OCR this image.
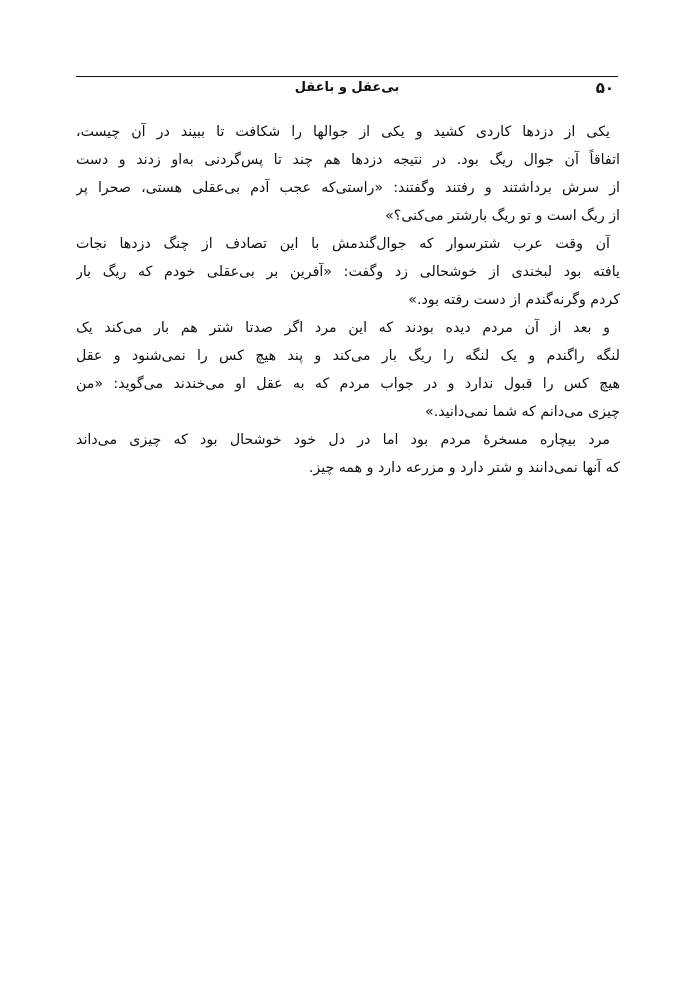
۵۰
بی‌عقل و باعقل
یکی از دزدها کاردی کشید و یکی از جوالها را شکافت تا ببیند در آن چیست،
اتفاقاً آن جوال ریگ بود. در نتیجه دزدها هم چند تا پس‌گردنی به‌او زدند و دست
از سرش برداشتند و رفتند وگفتند: «راستی‌که عجب آدم بی‌عقلی هستی، صحرا پر
از ریگ است و تو ریگ بارشتر می‌کنی؟»
آن وقت عرب شترسوار که جوال‌گندمش با این تصادف از چنگ دزدها نجات
یافته بود لبخندی از خوشحالی زد وگفت: «آفرین بر بی‌عقلی خودم که ریگ بار
کردم وگرنه‌گندم از دست رفته بود.»
و بعد از آن مردم دیده بودند که این مرد اگر صدتا شتر هم بار می‌کند یک
لنگه راگندم و یک لنگه را ریگ بار می‌کند و پند هیچ کس را نمی‌شنود و عقل
هیچ کس را قبول ندارد و در جواب مردم که به عقل او می‌خندند می‌گوید: «من
چیزی می‌دانم که شما نمی‌دانید.»
مرد بیچاره مسخرهٔ مردم بود اما در دل خود خوشحال بود که چیزی می‌داند
که آنها نمی‌دانند و شتر دارد و مزرعه دارد و همه چیز.
